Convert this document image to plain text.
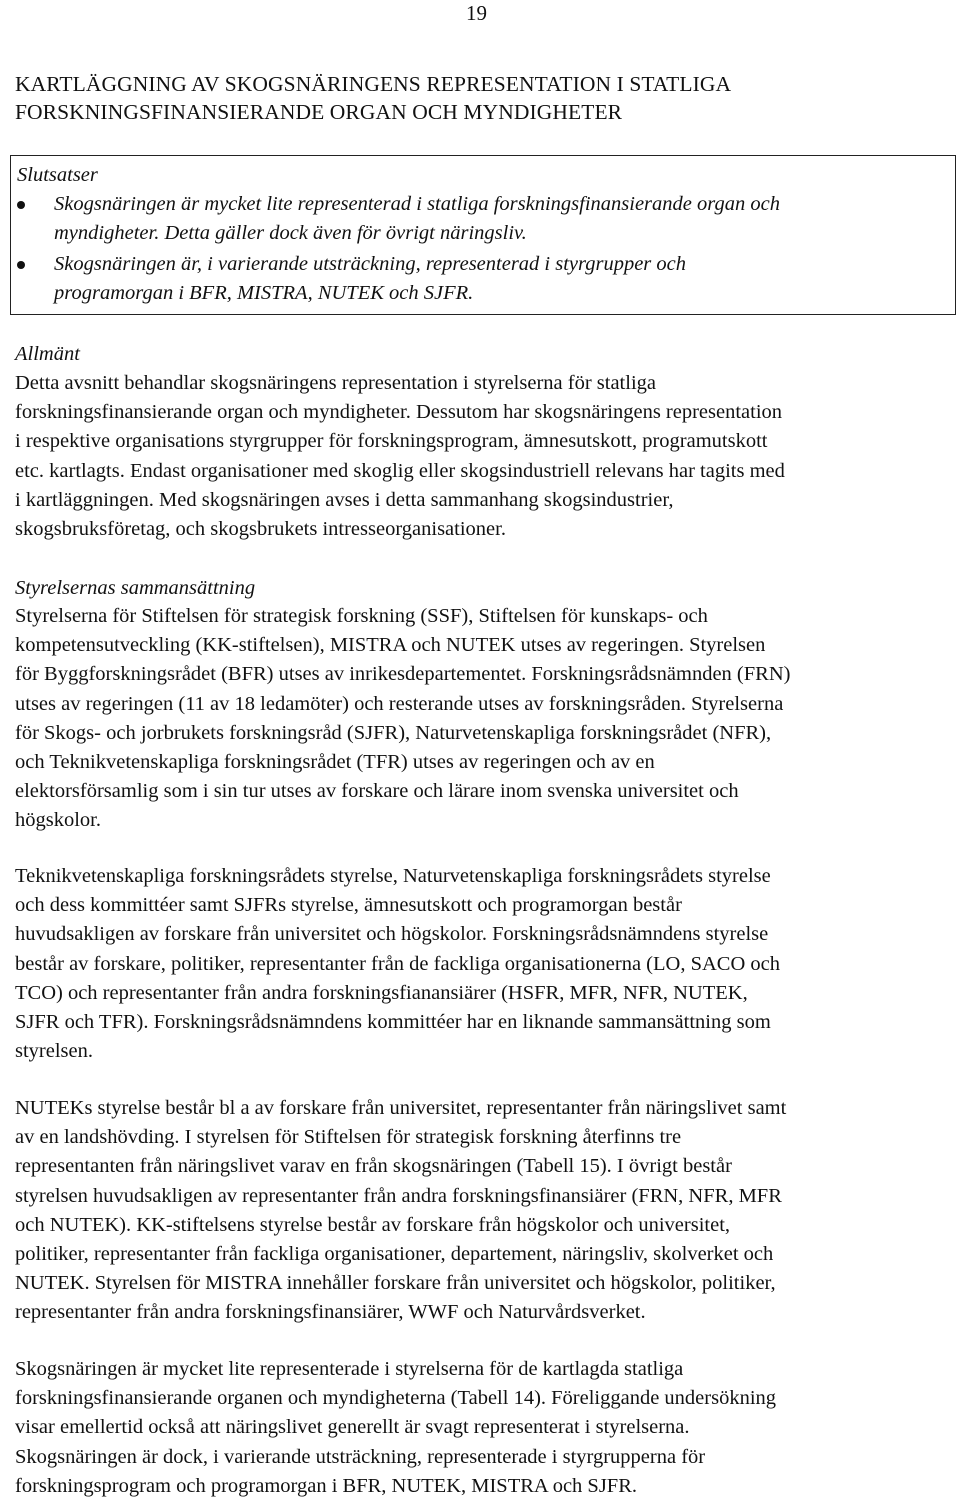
19
KARTLÄGGNING AV SKOGSNÄRINGENS REPRESENTATION I STATLIGA
FORSKNINGSFINANSIERANDE ORGAN OCH MYNDIGHETER
Slutsatser
Skogsnäringen är mycket lite representerad i statliga forskningsfinansierande organ och
myndigheter. Detta gäller dock även för övrigt näringsliv.
Skogsnäringen är, i varierande utsträckning, representerad i styrgrupper och
programorgan i BFR, MISTRA, NUTEK och SJFR.
Allmänt
Detta avsnitt behandlar skogsnäringens representation i styrelserna för statliga
forskningsfinansierande organ och myndigheter. Dessutom har skogsnäringens representation
i respektive organisations styrgrupper för forskningsprogram, ämnesutskott, programutskott
etc. kartlagts. Endast organisationer med skoglig eller skogsindustriell relevans har tagits med
i kartläggningen. Med skogsnäringen avses i detta sammanhang skogsindustrier,
skogsbruksföretag, och skogsbrukets intresseorganisationer.
Styrelsernas sammansättning
Styrelserna för Stiftelsen för strategisk forskning (SSF), Stiftelsen för kunskaps- och
kompetensutveckling (KK-stiftelsen), MISTRA och NUTEK utses av regeringen. Styrelsen
för Byggforskningsrådet (BFR) utses av inrikesdepartementet. Forskningsrådsnämnden (FRN)
utses av regeringen (11 av 18 ledamöter) och resterande utses av forskningsråden. Styrelserna
för Skogs- och jorbrukets forskningsråd (SJFR), Naturvetenskapliga forskningsrådet (NFR),
och Teknikvetenskapliga forskningsrådet (TFR) utses av regeringen och av en
elektorsförsamlig som i sin tur utses av forskare och lärare inom svenska universitet och
högskolor.
Teknikvetenskapliga forskningsrådets styrelse, Naturvetenskapliga forskningsrådets styrelse
och dess kommittéer samt SJFRs styrelse, ämnesutskott och programorgan består
huvudsakligen av forskare från universitet och högskolor. Forskningsrådsnämndens styrelse
består av forskare, politiker, representanter från de fackliga organisationerna (LO, SACO och
TCO) och representanter från andra forskningsfianansiärer (HSFR, MFR, NFR, NUTEK,
SJFR och TFR). Forskningsrådsnämndens kommittéer har en liknande sammansättning som
styrelsen.
NUTEKs styrelse består bl a av forskare från universitet, representanter från näringslivet samt
av en landshövding. I styrelsen för Stiftelsen för strategisk forskning återfinns tre
representanten från näringslivet varav en från skogsnäringen (Tabell 15). I övrigt består
styrelsen huvudsakligen av representanter från andra forskningsfinansiärer (FRN, NFR, MFR
och NUTEK). KK-stiftelsens styrelse består av forskare från högskolor och universitet,
politiker, representanter från fackliga organisationer, departement, näringsliv, skolverket och
NUTEK. Styrelsen för MISTRA innehåller forskare från universitet och högskolor, politiker,
representanter från andra forskningsfinansiärer, WWF och Naturvårdsverket.
Skogsnäringen är mycket lite representerade i styrelserna för de kartlagda statliga
forskningsfinansierande organen och myndigheterna (Tabell 14). Föreliggande undersökning
visar emellertid också att näringslivet generellt är svagt representerat i styrelserna.
Skogsnäringen är dock, i varierande utsträckning, representerade i styrgrupperna för
forskningsprogram och programorgan i BFR, NUTEK, MISTRA och SJFR.
